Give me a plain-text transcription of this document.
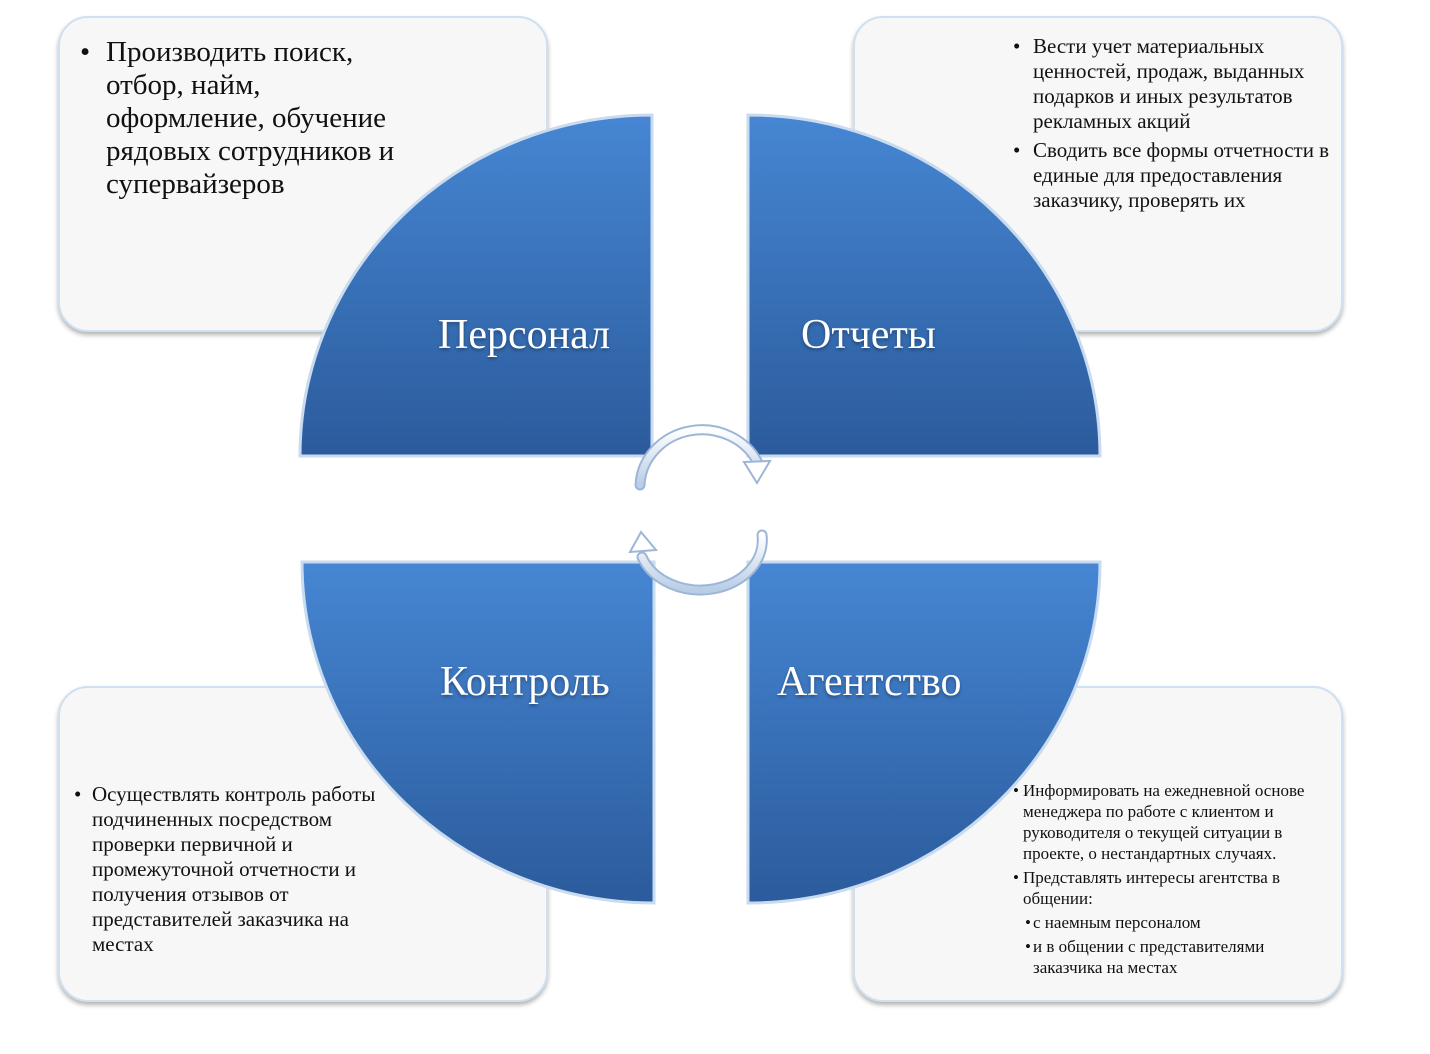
• Производить поиск, отбор, найм, оформление, обучение рядовых сотрудников и супервайзеров
• Вести учет материальных ценностей, продаж, выданных подарков и иных результатов рекламных акций
• Сводить все формы отчетности в единые для предоставления заказчику, проверять их
• Осуществлять контроль работы подчиненных посредством проверки первичной и промежуточной отчетности и получения отзывов от представителей заказчика на местах
• Информировать на ежедневной основе менеджера по работе с клиентом и руководителя о текущей ситуации в проекте, о нестандартных случаях.
• Представлять интересы агентства в общении:
• с наемным персоналом
• и в общении с представителями заказчика на местах
Персонал	Отчеты
Контроль	Агентство
